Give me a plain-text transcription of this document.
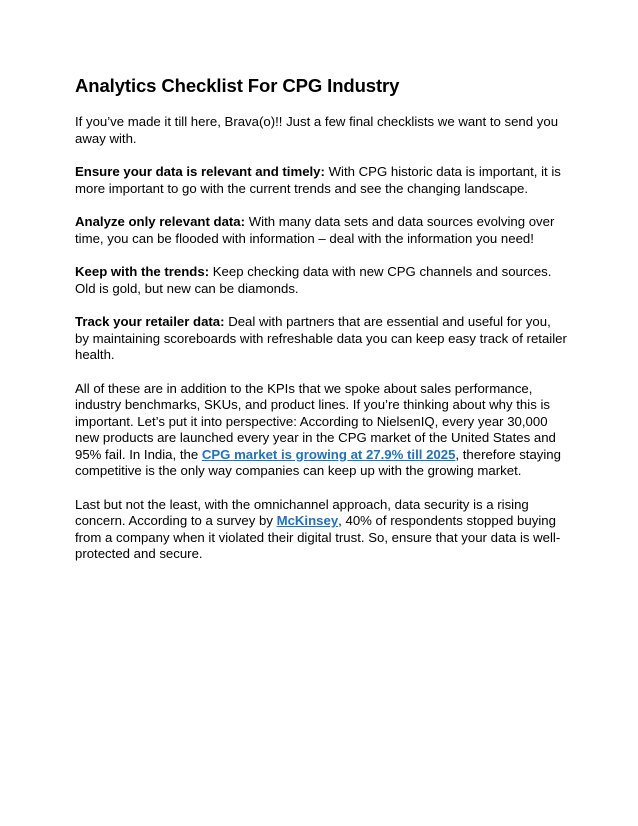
Analytics Checklist For CPG Industry

If you’ve made it till here, Brava(o)!! Just a few final checklists we want to send you away with.

Ensure your data is relevant and timely: With CPG historic data is important, it is more important to go with the current trends and see the changing landscape.

Analyze only relevant data: With many data sets and data sources evolving over time, you can be flooded with information – deal with the information you need!

Keep with the trends: Keep checking data with new CPG channels and sources. Old is gold, but new can be diamonds.

Track your retailer data: Deal with partners that are essential and useful for you, by maintaining scoreboards with refreshable data you can keep easy track of retailer health.

All of these are in addition to the KPIs that we spoke about sales performance, industry benchmarks, SKUs, and product lines. If you’re thinking about why this is important. Let’s put it into perspective: According to NielsenIQ, every year 30,000 new products are launched every year in the CPG market of the United States and 95% fail. In India, the CPG market is growing at 27.9% till 2025, therefore staying competitive is the only way companies can keep up with the growing market.

Last but not the least, with the omnichannel approach, data security is a rising concern. According to a survey by McKinsey, 40% of respondents stopped buying from a company when it violated their digital trust. So, ensure that your data is well-protected and secure.
